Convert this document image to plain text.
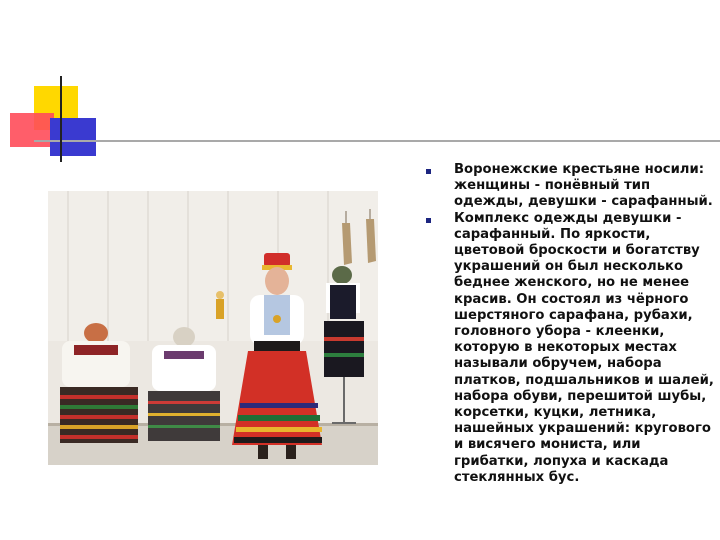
Воронежские крестьяне носили: женщины - понёвный тип одежды, девушки - сарафанный.

Комплекс одежды девушки - сарафанный. По яркости, цветовой броскости и богатству украшений он был несколько беднее женского, но не менее красив. Он состоял из чёрного шерстяного сарафана, рубахи, головного убора - клеенки, которую в некоторых местах называли обручем, набора платков, подшальников и шалей, набора обуви, перешитой шубы, корсетки, куцки, летника, нашейных украшений: кругового и висячего мониста, или грибатки, лопуха и каскада стеклянных бус.
